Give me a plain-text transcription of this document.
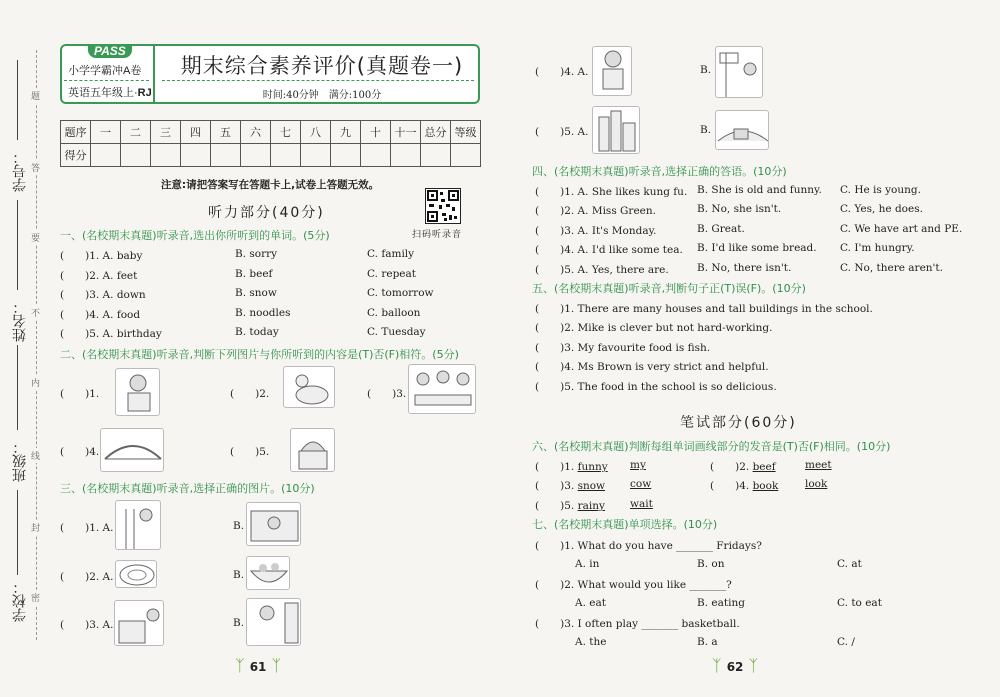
学号：
姓名：
班级：
学校：
题
答
要
不
内
线
封
密
PASS
小学学霸冲A卷
英语五年级上·RJ
期末综合素养评价(真题卷一)
时间:40分钟　满分:100分
题序	一	二	三	四	五	六	七	八	九	十	十一	总分	等级
得分													
注意:请把答案写在答题卡上,试卷上答题无效。
听力部分(40分)
扫码听录音
一、(名校期末真题)听录音,选出你所听到的单词。(5分)
(　　)1. A. baby	B. sorry	C. family
(　　)2. A. feet	B. beef	C. repeat
(　　)3. A. down	B. snow	C. tomorrow
(　　)4. A. food	B. noodles	C. balloon
(　　)5. A. birthday	B. today	C. Tuesday
二、(名校期末真题)听录音,判断下列图片与你所听到的内容是(T)否(F)相符。(5分)
(　　)1.	(　　)2.	(　　)3.
(　　)4.	(　　)5.
三、(名校期末真题)听录音,选择正确的图片。(10分)
(　　)1. A.	B.
(　　)2. A.	B.
(　　)3. A.	B.
ᛉ 61 ᛉ
(　　)4. A.	B.
(　　)5. A.	B.
四、(名校期末真题)听录音,选择正确的答语。(10分)
(　　)1. A. She likes kung fu. B. She is old and funny. C. He is young.
(　　)2. A. Miss Green.	B. No, she isn't.	C. Yes, he does.
(　　)3. A. It's Monday.	B. Great.	C. We have art and PE.
(　　)4. A. I'd like some tea. B. I'd like some bread. C. I'm hungry.
(　　)5. A. Yes, there are.	B. No, there isn't.	C. No, there aren't.
五、(名校期末真题)听录音,判断句子正(T)误(F)。(10分)
(　　)1. There are many houses and tall buildings in the school.
(　　)2. Mike is clever but not hard-working.
(　　)3. My favourite food is fish.
(　　)4. Ms Brown is very strict and helpful.
(　　)5. The food in the school is so delicious.
笔试部分(60分)
六、(名校期末真题)判断每组单词画线部分的发音是(T)否(F)相同。(10分)
(　　)1. funny my	(　　)2. beef	meet
(　　)3. snow cow	(　　)4. book	look
(　　)5. rainy wait
七、(名校期末真题)单项选择。(10分)
(　　)1. What do you have _______ Fridays?
A. in	B. on	C. at
(　　)2. What would you like _______?
A. eat	B. eating	C. to eat
(　　)3. I often play _______ basketball.
A. the	B. a	C. /
ᛉ 62 ᛉ
